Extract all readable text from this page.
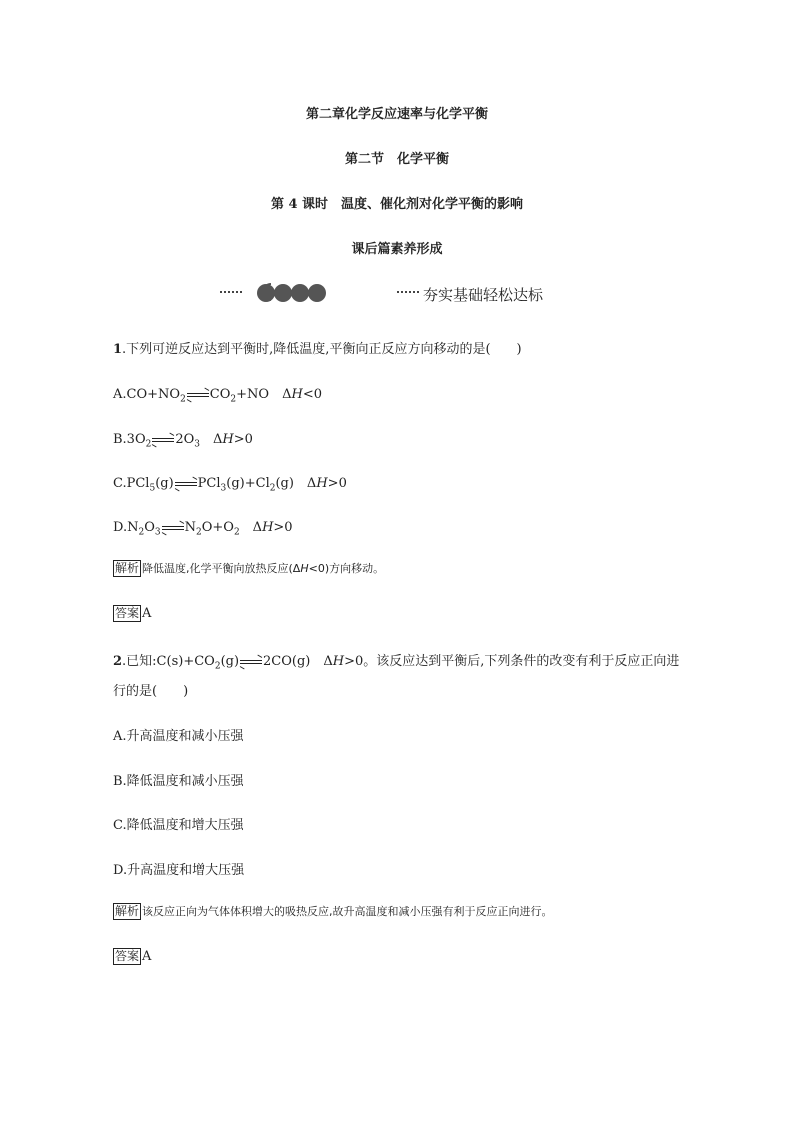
第二章化学反应速率与化学平衡
第二节　化学平衡
第 4 课时　温度、催化剂对化学平衡的影响
课后篇素养形成
夯实基础轻松达标
1.下列可逆反应达到平衡时,降低温度,平衡向正反应方向移动的是(　　)
$A.CO+NO_2$ $CO_2+NO$　ΔH<0
$B.3O_2$ $2O_3$　ΔH>0
C.PCl$_5$(g) $PCl_3(g)+Cl_2(g)$　ΔH>0
$D.N_2O_3$ $N_2O+O_2$　ΔH>0
解析 降低温度,化学平衡向放热反应(ΔH<0)方向移动。
答案 A
2.已知$:C(s)+CO_2(g)$ 2CO(g)　ΔH>0。该反应达到平衡后,下列条件的改变有利于反应正向进
行的是(　　)
A.升高温度和减小压强
B.降低温度和减小压强
C.降低温度和增大压强
D.升高温度和增大压强
解析 该反应正向为气体体积增大的吸热反应,故升高温度和减小压强有利于反应正向进行。
答案 A
